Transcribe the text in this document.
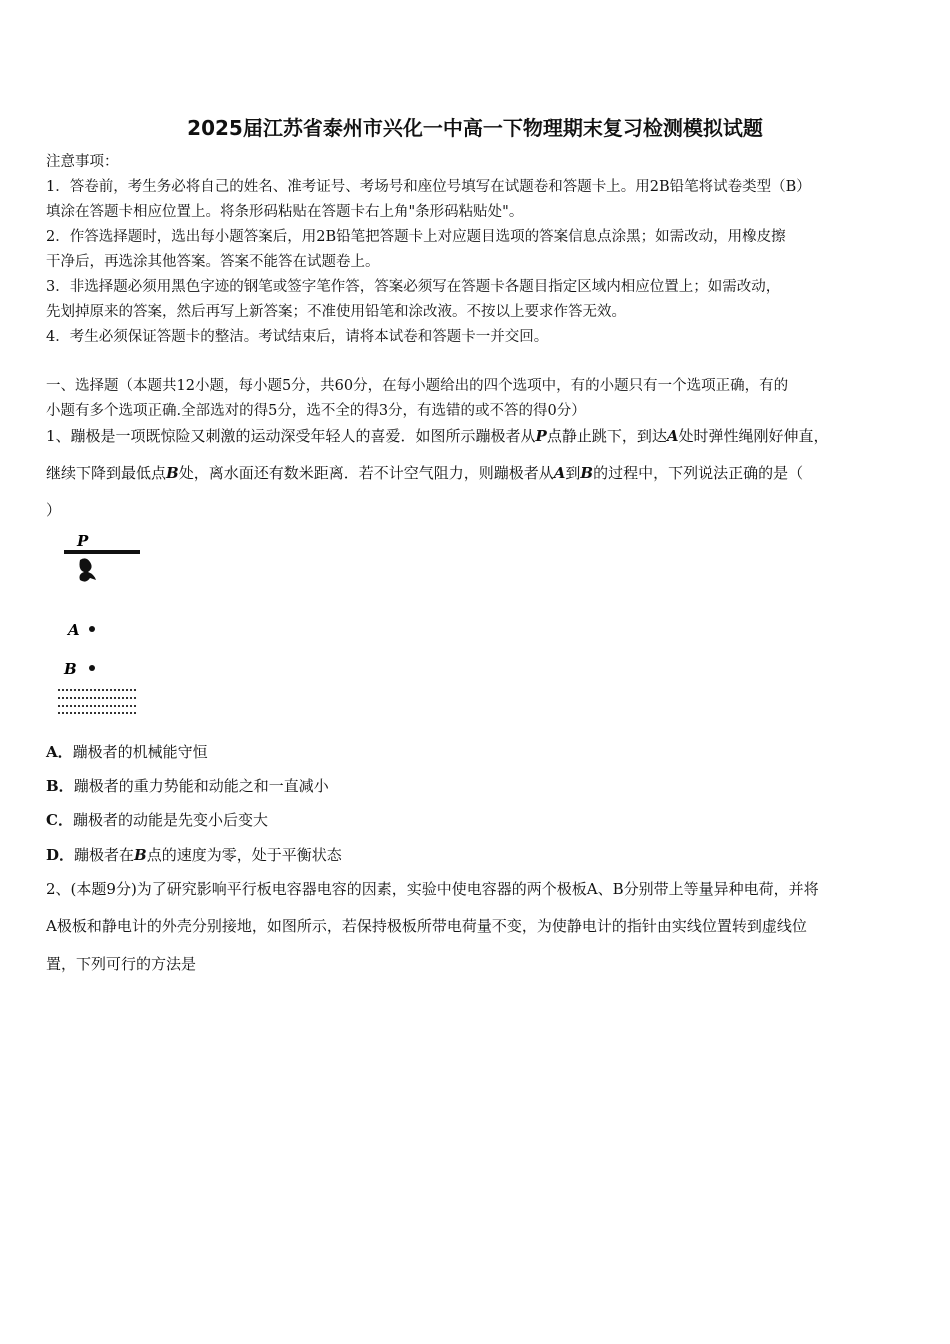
2025届江苏省泰州市兴化一中高一下物理期末复习检测模拟试题
注意事项：
1．答卷前，考生务必将自己的姓名、准考证号、考场号和座位号填写在试题卷和答题卡上。用2B铅笔将试卷类型（B）
填涂在答题卡相应位置上。将条形码粘贴在答题卡右上角"条形码粘贴处"。
2．作答选择题时，选出每小题答案后，用2B铅笔把答题卡上对应题目选项的答案信息点涂黑；如需改动，用橡皮擦
干净后，再选涂其他答案。答案不能答在试题卷上。
3．非选择题必须用黑色字迹的钢笔或签字笔作答，答案必须写在答题卡各题目指定区域内相应位置上；如需改动，
先划掉原来的答案，然后再写上新答案；不准使用铅笔和涂改液。不按以上要求作答无效。
4．考生必须保证答题卡的整洁。考试结束后，请将本试卷和答题卡一并交回。
一、选择题（本题共12小题，每小题5分，共60分，在每小题给出的四个选项中，有的小题只有一个选项正确，有的
小题有多个选项正确.全部选对的得5分，选不全的得3分，有选错的或不答的得0分）
1、蹦极是一项既惊险又刺激的运动深受年轻人的喜爱．如图所示蹦极者从P点静止跳下，到达A处时弹性绳刚好伸直，
继续下降到最低点B处，离水面还有数米距离．若不计空气阻力，则蹦极者从A到B的过程中，下列说法正确的是（
）
P
A
B
A．蹦极者的机械能守恒
B．蹦极者的重力势能和动能之和一直减小
C．蹦极者的动能是先变小后变大
D．蹦极者在B点的速度为零，处于平衡状态
2、(本题9分)为了研究影响平行板电容器电容的因素，实验中使电容器的两个极板A、B分别带上等量异种电荷，并将
A极板和静电计的外壳分别接地，如图所示，若保持极板所带电荷量不变，为使静电计的指针由实线位置转到虚线位
置，下列可行的方法是
